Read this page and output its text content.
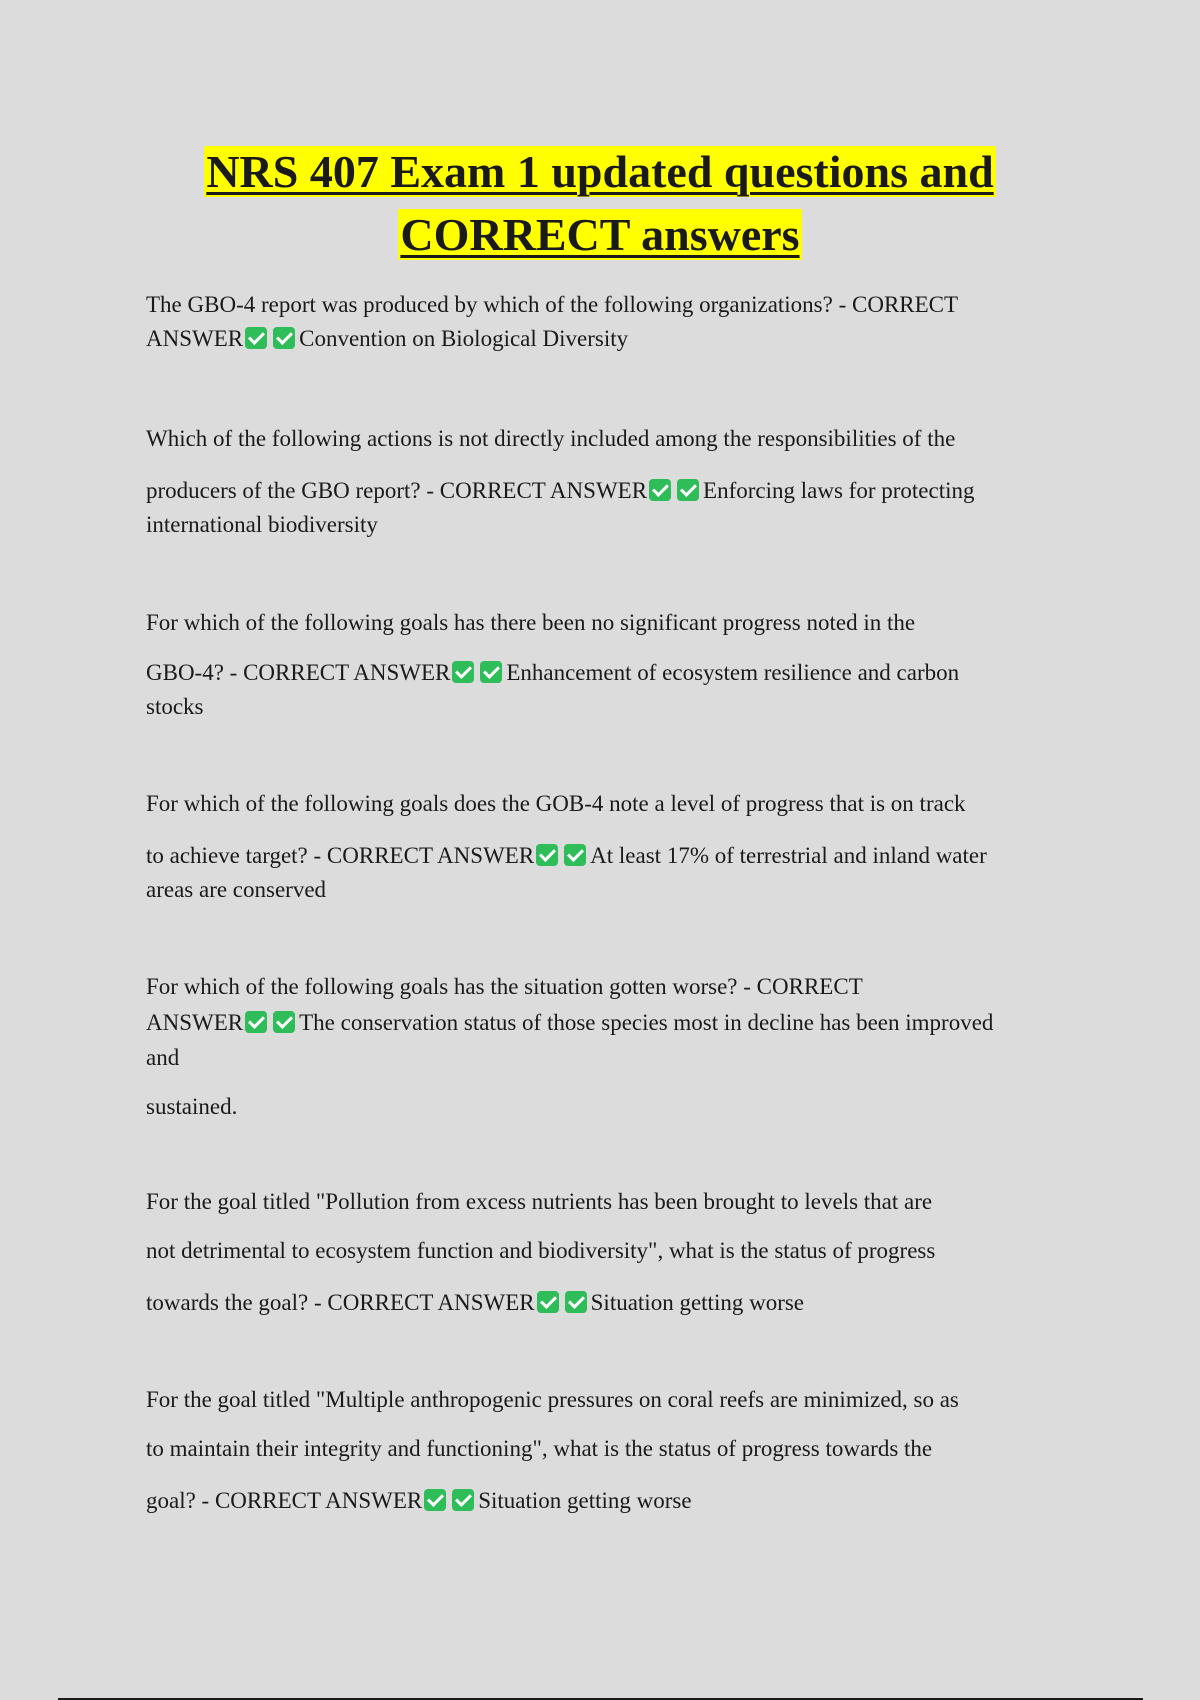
NRS 407 Exam 1 updated questions and
CORRECT answers
The GBO-4 report was produced by which of the following organizations? - CORRECT
ANSWER Convention on Biological Diversity
Which of the following actions is not directly included among the responsibilities of the
producers of the GBO report? - CORRECT ANSWER Enforcing laws for protecting
international biodiversity
For which of the following goals has there been no significant progress noted in the
GBO-4? - CORRECT ANSWER Enhancement of ecosystem resilience and carbon
stocks
For which of the following goals does the GOB-4 note a level of progress that is on track
to achieve target? - CORRECT ANSWER At least 17% of terrestrial and inland water
areas are conserved
For which of the following goals has the situation gotten worse? - CORRECT
ANSWER The conservation status of those species most in decline has been improved
and
sustained.
For the goal titled "Pollution from excess nutrients has been brought to levels that are
not detrimental to ecosystem function and biodiversity", what is the status of progress
towards the goal? - CORRECT ANSWER Situation getting worse
For the goal titled "Multiple anthropogenic pressures on coral reefs are minimized, so as
to maintain their integrity and functioning", what is the status of progress towards the
goal? - CORRECT ANSWER Situation getting worse
